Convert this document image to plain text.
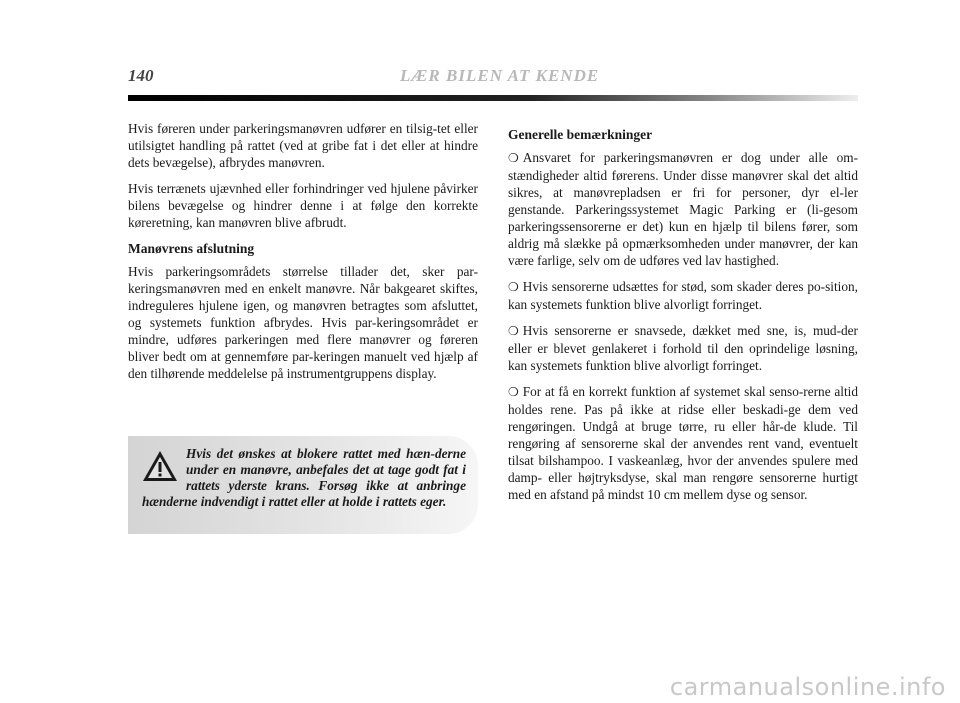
140	LÆR BILEN AT KENDE

Hvis føreren under parkeringsmanøvren udfører en tilsig-tet eller utilsigtet handling på rattet (ved at gribe fat i det eller at hindre dets bevægelse), afbrydes manøvren.

Hvis terrænets ujævnhed eller forhindringer ved hjulene påvirker bilens bevægelse og hindrer denne i at følge den korrekte køreretning, kan manøvren blive afbrudt.

Manøvrens afslutning

Hvis parkeringsområdets størrelse tillader det, sker par-keringsmanøvren med en enkelt manøvre. Når bakgearet skiftes, indreguleres hjulene igen, og manøvren betragtes som afsluttet, og systemets funktion afbrydes. Hvis par-keringsområdet er mindre, udføres parkeringen med flere manøvrer og føreren bliver bedt om at gennemføre par-keringen manuelt ved hjælp af den tilhørende meddelelse på instrumentgruppens display.

Hvis det ønskes at blokere rattet med hæn-derne under en manøvre, anbefales det at tage godt fat i rattets yderste krans. Forsøg ikke at anbringe hænderne indvendigt i rattet eller at holde i rattets eger.
Generelle bemærkninger
❍ Ansvaret for parkeringsmanøvren er dog under alle om-stændigheder altid førerens. Under disse manøvrer skal det altid sikres, at manøvrepladsen er fri for personer, dyr el-ler genstande. Parkeringssystemet Magic Parking er (li-gesom parkeringssensorerne er det) kun en hjælp til bilens fører, som aldrig må slække på opmærksomheden under manøvrer, der kan være farlige, selv om de udføres ved lav hastighed.
❍ Hvis sensorerne udsættes for stød, som skader deres po-sition, kan systemets funktion blive alvorligt forringet.
❍ Hvis sensorerne er snavsede, dækket med sne, is, mud-der eller er blevet genlakeret i forhold til den oprindelige løsning, kan systemets funktion blive alvorligt forringet.
❍ For at få en korrekt funktion af systemet skal senso-rerne altid holdes rene. Pas på ikke at ridse eller beskadi-ge dem ved rengøringen. Undgå at bruge tørre, ru eller hår-de klude. Til rengøring af sensorerne skal der anvendes rent vand, eventuelt tilsat bilshampoo. I vaskeanlæg, hvor der anvendes spulere med damp- eller højtryksdyse, skal man rengøre sensorerne hurtigt med en afstand på mindst 10 cm mellem dyse og sensor.
carmanualsonline.info
